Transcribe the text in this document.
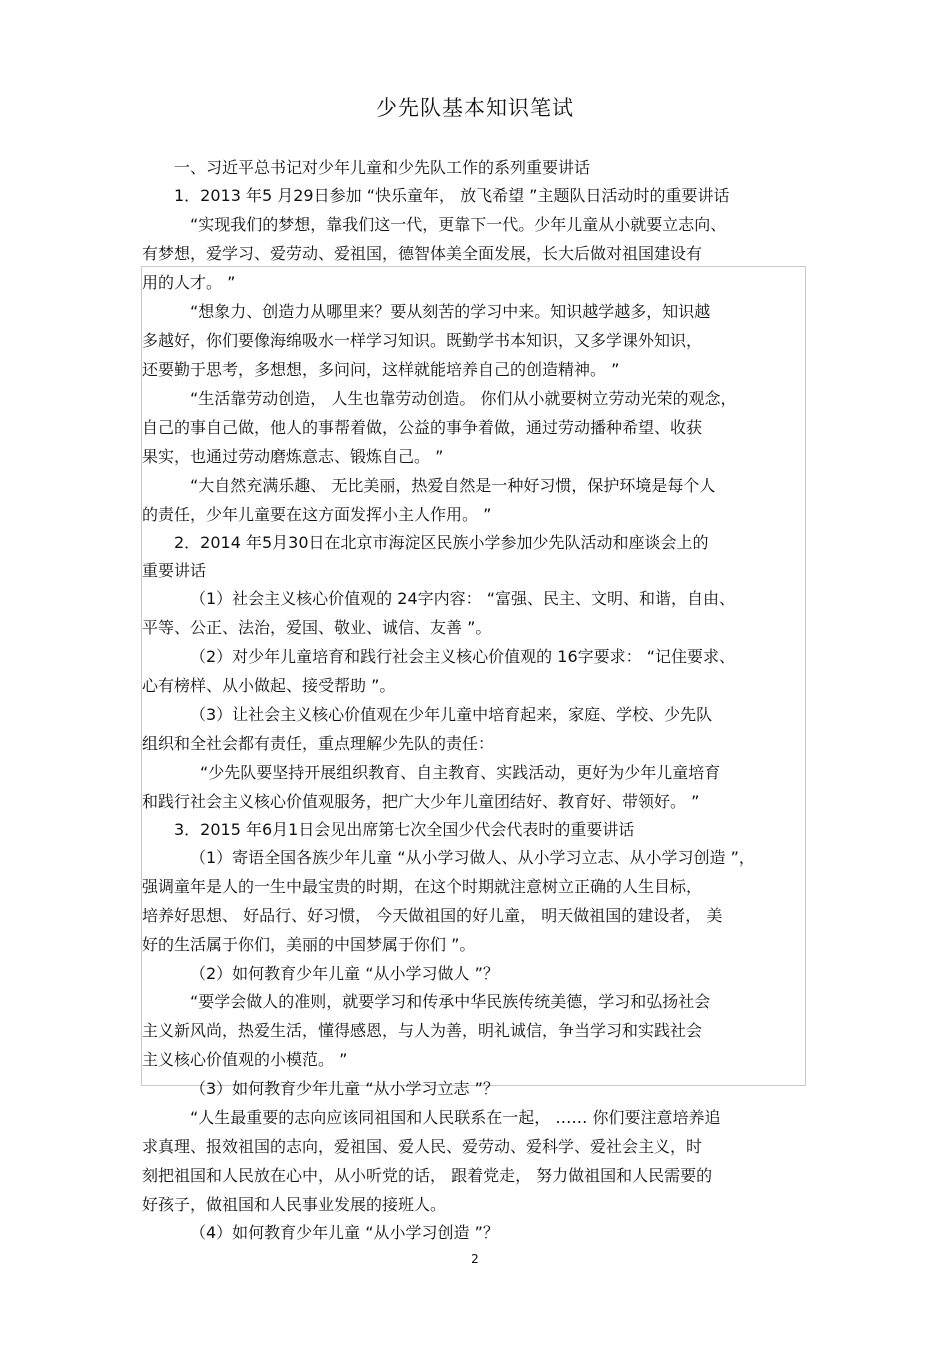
少先队基本知识笔试
一、习近平总书记对少年儿童和少先队工作的系列重要讲话
1．2013 年5 月29日参加 “快乐童年， 放飞希望 ”主题队日活动时的重要讲话
“实现我们的梦想，靠我们这一代，更靠下一代。少年儿童从小就要立志向、
有梦想，爱学习、爱劳动、爱祖国，德智体美全面发展，长大后做对祖国建设有
用的人才。 ”
“想象力、创造力从哪里来？要从刻苦的学习中来。知识越学越多，知识越
多越好，你们要像海绵吸水一样学习知识。既勤学书本知识，又多学课外知识，
还要勤于思考，多想想，多问问，这样就能培养自己的创造精神。 ”
“生活靠劳动创造， 人生也靠劳动创造。 你们从小就要树立劳动光荣的观念，
自己的事自己做，他人的事帮着做，公益的事争着做，通过劳动播种希望、收获
果实，也通过劳动磨炼意志、锻炼自己。 ”
“大自然充满乐趣、 无比美丽，热爱自然是一种好习惯，保护环境是每个人
的责任，少年儿童要在这方面发挥小主人作用。 ”
2．2014 年5月30日在北京市海淀区民族小学参加少先队活动和座谈会上的
重要讲话
（1）社会主义核心价值观的 24字内容： “富强、民主、文明、和谐，自由、
平等、公正、法治，爱国、敬业、诚信、友善 ”。
（2）对少年儿童培育和践行社会主义核心价值观的 16字要求： “记住要求、
心有榜样、从小做起、接受帮助 ”。
（3）让社会主义核心价值观在少年儿童中培育起来，家庭、学校、少先队
组织和全社会都有责任，重点理解少先队的责任：
“少先队要坚持开展组织教育、自主教育、实践活动，更好为少年儿童培育
和践行社会主义核心价值观服务，把广大少年儿童团结好、教育好、带领好。 ”
3．2015 年6月1日会见出席第七次全国少代会代表时的重要讲话
（1）寄语全国各族少年儿童 “从小学习做人、从小学习立志、从小学习创造 ”，
强调童年是人的一生中最宝贵的时期，在这个时期就注意树立正确的人生目标，
培养好思想、 好品行、好习惯， 今天做祖国的好儿童， 明天做祖国的建设者， 美
好的生活属于你们，美丽的中国梦属于你们 ”。
（2）如何教育少年儿童 “从小学习做人 ”？
“要学会做人的准则，就要学习和传承中华民族传统美德，学习和弘扬社会
主义新风尚，热爱生活，懂得感恩，与人为善，明礼诚信，争当学习和实践社会
主义核心价值观的小模范。 ”
（3）如何教育少年儿童 “从小学习立志 ”？
“人生最重要的志向应该同祖国和人民联系在一起， …… 你们要注意培养追
求真理、报效祖国的志向，爱祖国、爱人民、爱劳动、爱科学、爱社会主义，时
刻把祖国和人民放在心中，从小听党的话， 跟着党走， 努力做祖国和人民需要的
好孩子，做祖国和人民事业发展的接班人。
（4）如何教育少年儿童 “从小学习创造 ”？
2
